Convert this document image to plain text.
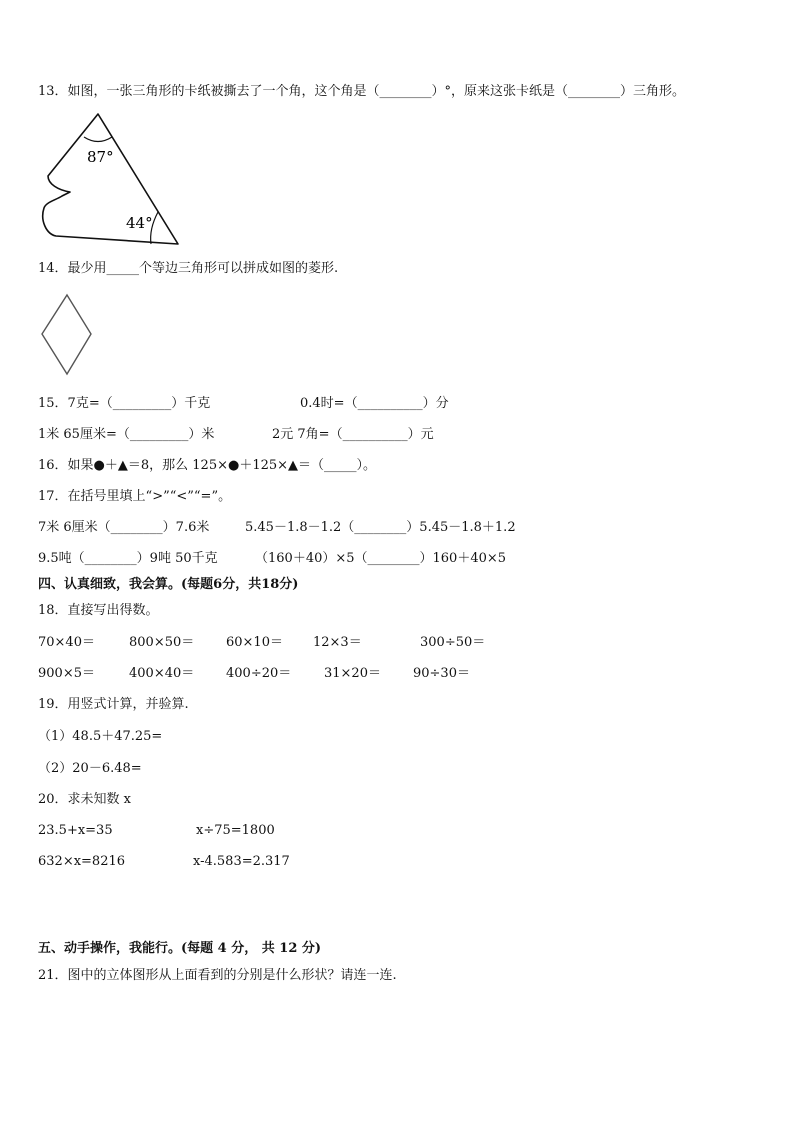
13．如图，一张三角形的卡纸被撕去了一个角，这个角是（________）°，原来这张卡纸是（________）三角形。
87°
44°
14．最少用_____个等边三角形可以拼成如图的菱形.
15．7克=（_________）千克	0.4时=（__________）分
1米 65厘米=（_________）米	2元 7角=（__________）元
16．如果●＋▲＝8，那么 125×●＋125×▲＝（_____）。
17．在括号里填上“>”“<”“=”。
7米 6厘米（________）7.6米	5.45－1.8－1.2（________）5.45－1.8＋1.2
9.5吨（________）9吨 50千克	（160＋40）×5（________）160＋40×5
四、认真细致，我会算。(每题6分，共18分)
18．直接写出得数。
70×40＝	800×50＝ 60×10＝ 12×3＝	300÷50＝
900×5＝	400×40＝ 400÷20＝	31×20＝ 90÷30＝
19．用竖式计算，并验算.
（1）48.5＋47.25=
（2）20－6.48=
20．求未知数 x
23.5+x=35	x÷75=1800
632×x=8216	x-4.583=2.317
五、动手操作，我能行。(每题 4 分， 共 12 分)
21．图中的立体图形从上面看到的分别是什么形状？请连一连.
